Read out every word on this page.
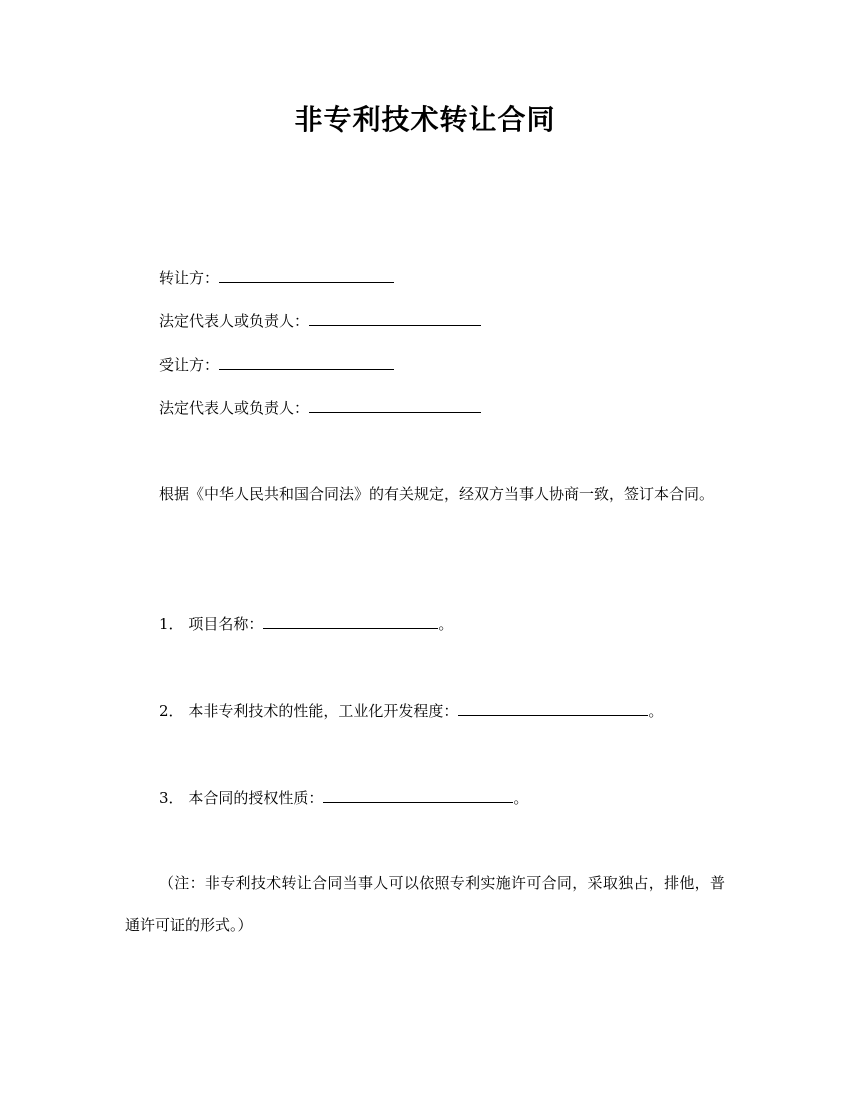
非专利技术转让合同
转让方：
法定代表人或负责人：
受让方：
法定代表人或负责人：
根据《中华人民共和国合同法》的有关规定，经双方当事人协商一致，签订本合同。
1． 项目名称：	。
2． 本非专利技术的性能，工业化开发程度：	。
3． 本合同的授权性质：	。
（注：非专利技术转让合同当事人可以依照专利实施许可合同，采取独占，排他，普通许可证的形式。）
